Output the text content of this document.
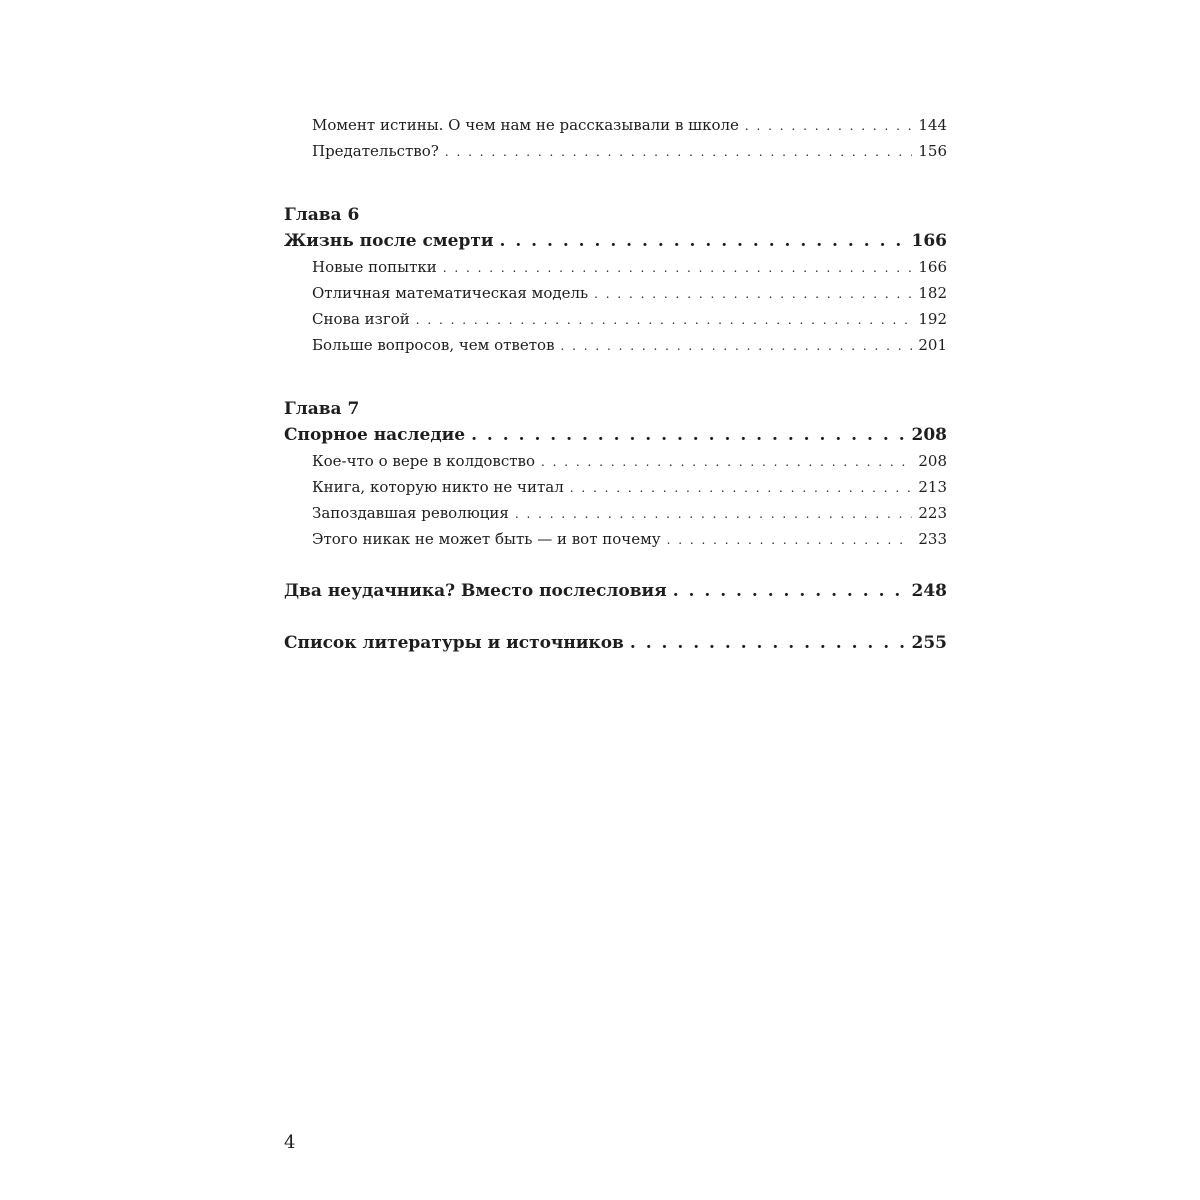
Момент истины. О чем нам не рассказывали в школе . . .	144
Предательство? . . .	156
Глава 6
Жизнь после смерти . . .	166
Новые попытки . . .	166
Отличная математическая модель . . .	182
Снова изгой . . .	192
Больше вопросов, чем ответов . . .	201
Глава 7
Спорное наследие . . .	208
Кое-что о вере в колдовство . . .	208
Книга, которую никто не читал . . .	213
Запоздавшая революция . . .	223
Этого никак не может быть — и вот почему . . .	233
Два неудачника? Вместо послесловия . . .	248
Список литературы и источников . . .	255
4
